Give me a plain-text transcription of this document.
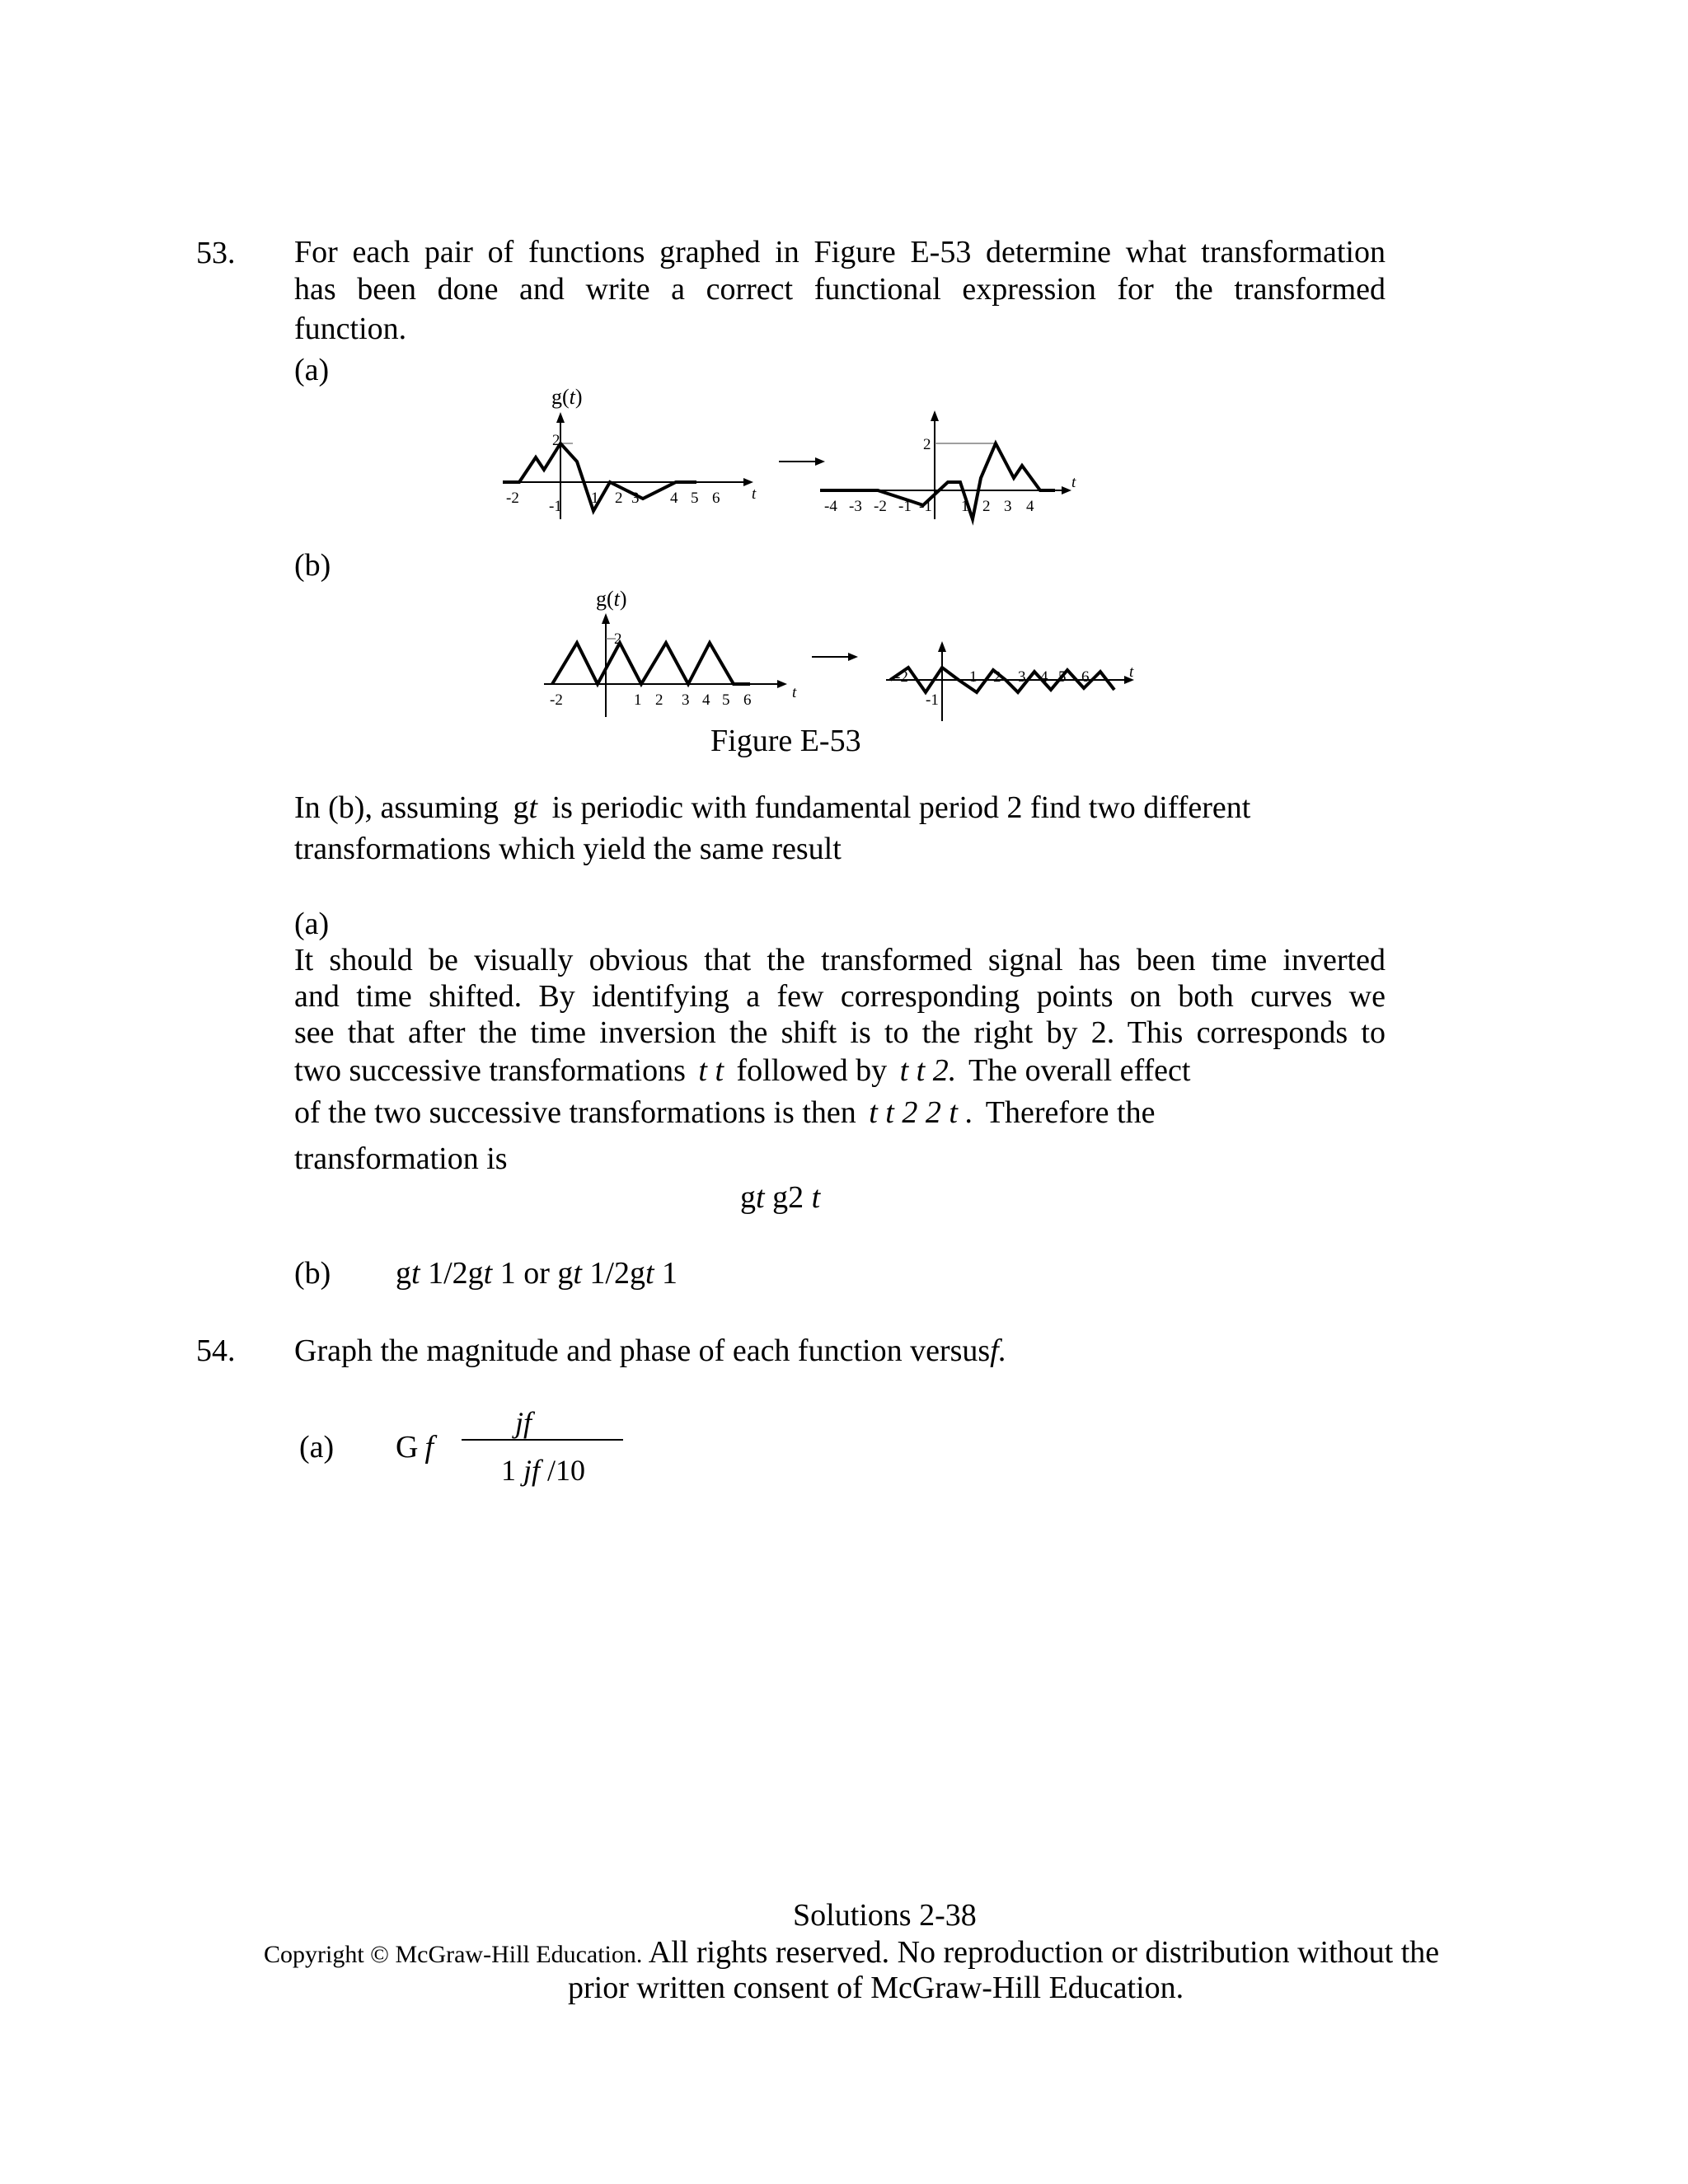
53. For each pair of functions graphed in Figure E-53 determine what transformation
has been done and write a correct functional expression for the transformed
function.
(a)
(b)
g(t)
2
-2 -1 1 2 3 4 5 6 t
2
-4 -3 -2 -1 -1 1 2 3 4
t
g(t)
2
-2	1 2 3 4 5 6	t
-2
-1
1 2 3 4 5 6	t
Figure E-53
In (b), assuming gt is periodic with fundamental period 2 find two different
transformations which yield the same result
(a)
It should be visually obvious that the transformed signal has been time inverted
and time shifted. By identifying a few corresponding points on both curves we
see that after the time inversion the shift is to the right by 2. This corresponds to
two successive transformations t t followed by t t 2. The overall effect
of the two successive transformations is then t t 2 2 t . Therefore the
transformation is
gt g2 t
(b) gt 1/2gt 1 or gt 1/2gt 1
54. Graph the magnitude and phase of each function versusf.
(a) G f
jf
1 jf /10
Solutions 2-38
Copyright © McGraw-Hill Education. All rights reserved. No reproduction or distribution without the
prior written consent of McGraw-Hill Education.
